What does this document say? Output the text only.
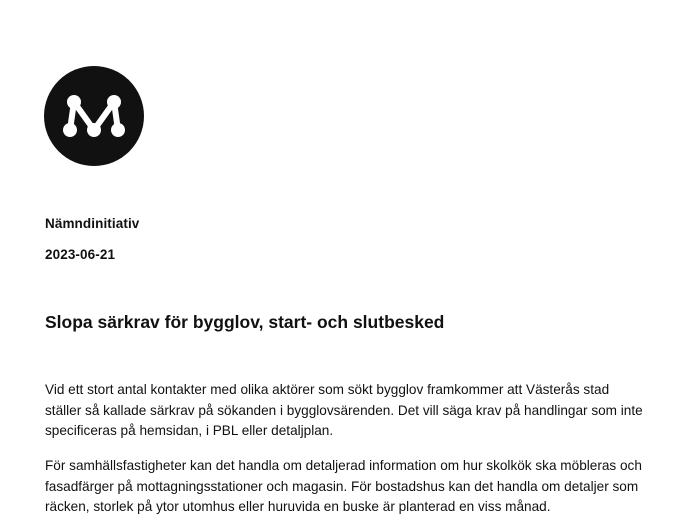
Nämndinitiativ
2023-06-21
Slopa särkrav för bygglov, start- och slutbesked
Vid ett stort antal kontakter med olika aktörer som sökt bygglov framkommer att Västerås stad
ställer så kallade särkrav på sökanden i bygglovsärenden. Det vill säga krav på handlingar som inte
specificeras på hemsidan, i PBL eller detaljplan.
För samhällsfastigheter kan det handla om detaljerad information om hur skolkök ska möbleras och
fasadfärger på mottagningsstationer och magasin. För bostadshus kan det handla om detaljer som
räcken, storlek på ytor utomhus eller huruvida en buske är planterad en viss månad.
